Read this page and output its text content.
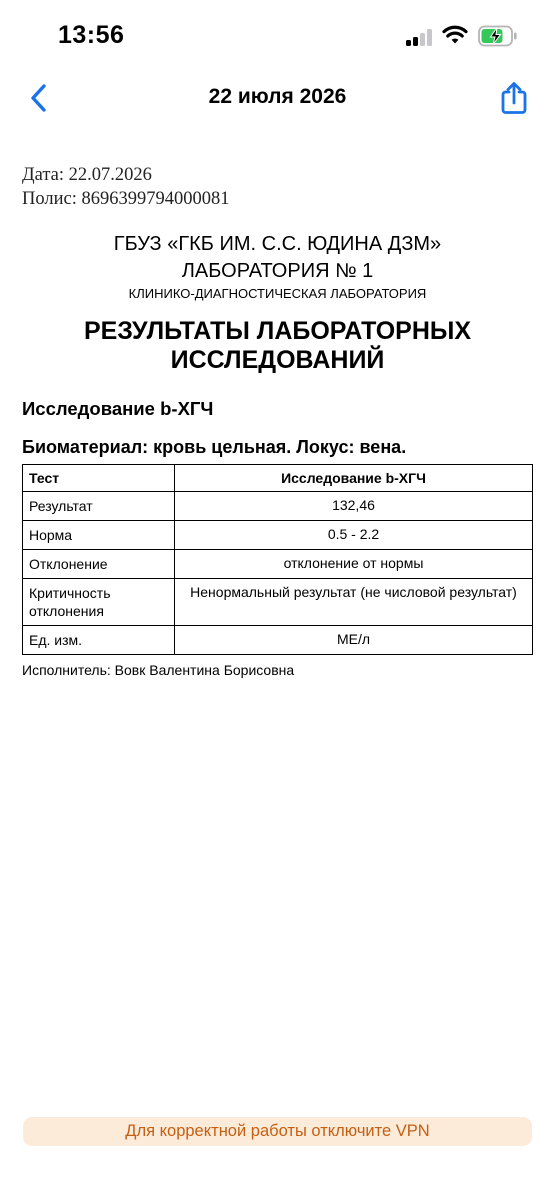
13:56
22 июля 2026
Дата: 22.07.2026
Полис: 8696399794000081
ГБУЗ «ГКБ ИМ. С.С. ЮДИНА ДЗМ»
ЛАБОРАТОРИЯ № 1
КЛИНИКО-ДИАГНОСТИЧЕСКАЯ ЛАБОРАТОРИЯ
РЕЗУЛЬТАТЫ ЛАБОРАТОРНЫХ
ИССЛЕДОВАНИЙ
Исследование b-ХГЧ
Биоматериал: кровь цельная. Локус: вена.
Тест	Исследование b-ХГЧ
Результат	132,46
Норма	0.5 - 2.2
Отклонение	отклонение от нормы
Критичность отклонения	Ненормальный результат (не числовой результат)
Ед. изм.	МЕ/л
Исполнитель: Вовк Валентина Борисовна
Для корректной работы отключите VPN
